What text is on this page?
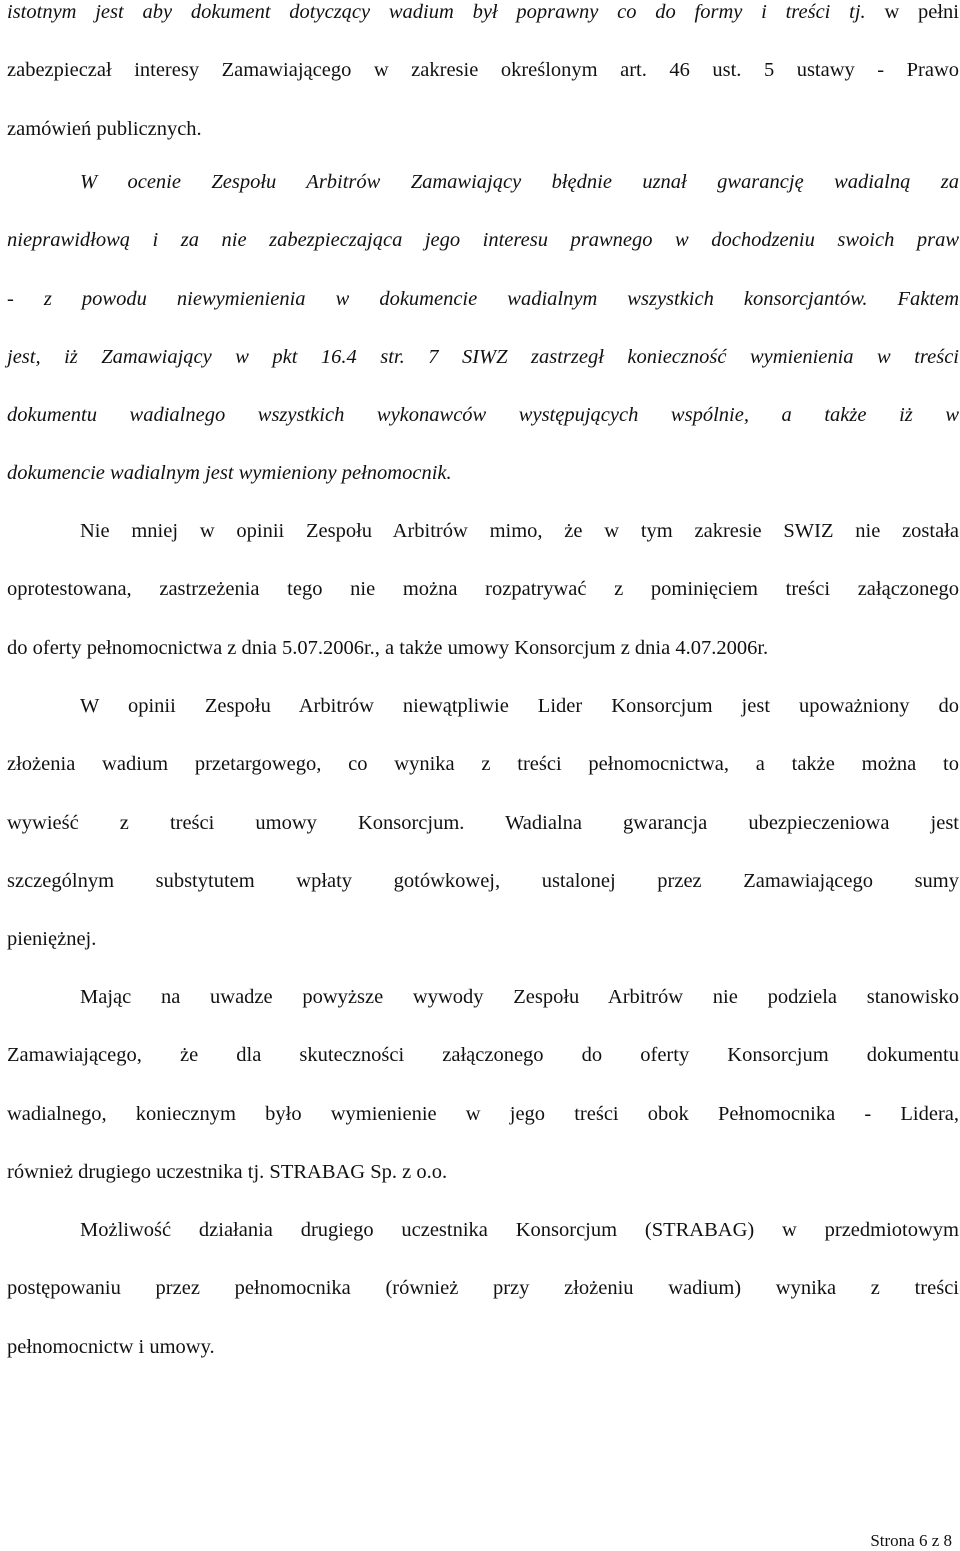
istotnym jest aby dokument dotyczący wadium był poprawny co do formy i treści tj. w pełni
zabezpieczał interesy Zamawiającego w zakresie określonym art. 46 ust. 5 ustawy - Prawo
zamówień publicznych.
W ocenie Zespołu Arbitrów Zamawiający błędnie uznał gwarancję wadialną za
nieprawidłową i za nie zabezpieczająca jego interesu prawnego w dochodzeniu swoich praw
- z powodu niewymienienia w dokumencie wadialnym wszystkich konsorcjantów. Faktem
jest, iż Zamawiający w pkt 16.4 str. 7 SIWZ zastrzegł konieczność wymienienia w treści
dokumentu wadialnego wszystkich wykonawców występujących wspólnie, a także iż w
dokumencie wadialnym jest wymieniony pełnomocnik.
Nie mniej w opinii Zespołu Arbitrów mimo, że w tym zakresie SWIZ nie została
oprotestowana, zastrzeżenia tego nie można rozpatrywać z pominięciem treści załączonego
do oferty pełnomocnictwa z dnia 5.07.2006r., a także umowy Konsorcjum z dnia 4.07.2006r.
W opinii Zespołu Arbitrów niewątpliwie Lider Konsorcjum jest upoważniony do
złożenia wadium przetargowego, co wynika z treści pełnomocnictwa, a także można to
wywieść z treści umowy Konsorcjum. Wadialna gwarancja ubezpieczeniowa jest
szczególnym substytutem wpłaty gotówkowej, ustalonej przez Zamawiającego sumy
pieniężnej.
Mając na uwadze powyższe wywody Zespołu Arbitrów nie podziela stanowisko
Zamawiającego, że dla skuteczności załączonego do oferty Konsorcjum dokumentu
wadialnego, koniecznym było wymienienie w jego treści obok Pełnomocnika - Lidera,
również drugiego uczestnika tj. STRABAG Sp. z o.o.
Możliwość działania drugiego uczestnika Konsorcjum (STRABAG) w przedmiotowym
postępowaniu przez pełnomocnika (również przy złożeniu wadium) wynika z treści
pełnomocnictw i umowy.
Strona 6 z 8
